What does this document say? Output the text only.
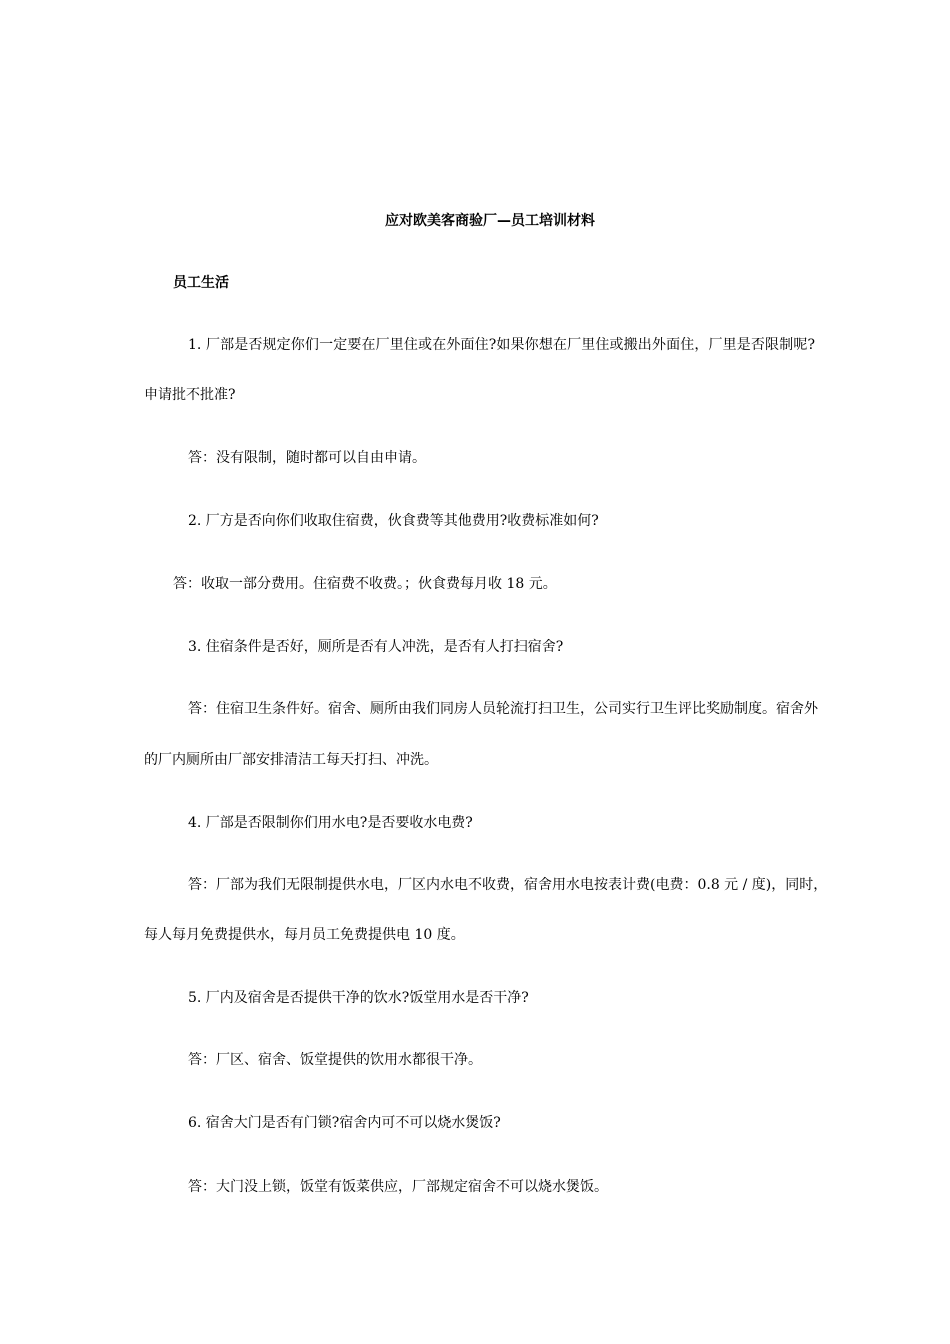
应对欧美客商验厂—员工培训材料
员工生活
1. 厂部是否规定你们一定要在厂里住或在外面住?如果你想在厂里住或搬出外面住，厂里是否限制呢?
申请批不批准?
答：没有限制，随时都可以自由申请。
2. 厂方是否向你们收取住宿费，伙食费等其他费用?收费标准如何?
答：收取一部分费用。住宿费不收费。；伙食费每月收 18 元。
3. 住宿条件是否好，厕所是否有人冲洗，是否有人打扫宿舍?
答：住宿卫生条件好。宿舍、厕所由我们同房人员轮流打扫卫生，公司实行卫生评比奖励制度。宿舍外
的厂内厕所由厂部安排清洁工每天打扫、冲洗。
4. 厂部是否限制你们用水电?是否要收水电费?
答：厂部为我们无限制提供水电，厂区内水电不收费，宿舍用水电按表计费(电费：0.8 元 / 度)，同时，
每人每月免费提供水，每月员工免费提供电 10 度。
5. 厂内及宿舍是否提供干净的饮水?饭堂用水是否干净?
答：厂区、宿舍、饭堂提供的饮用水都很干净。
6. 宿舍大门是否有门锁?宿舍内可不可以烧水煲饭?
答：大门没上锁，饭堂有饭菜供应，厂部规定宿舍不可以烧水煲饭。
